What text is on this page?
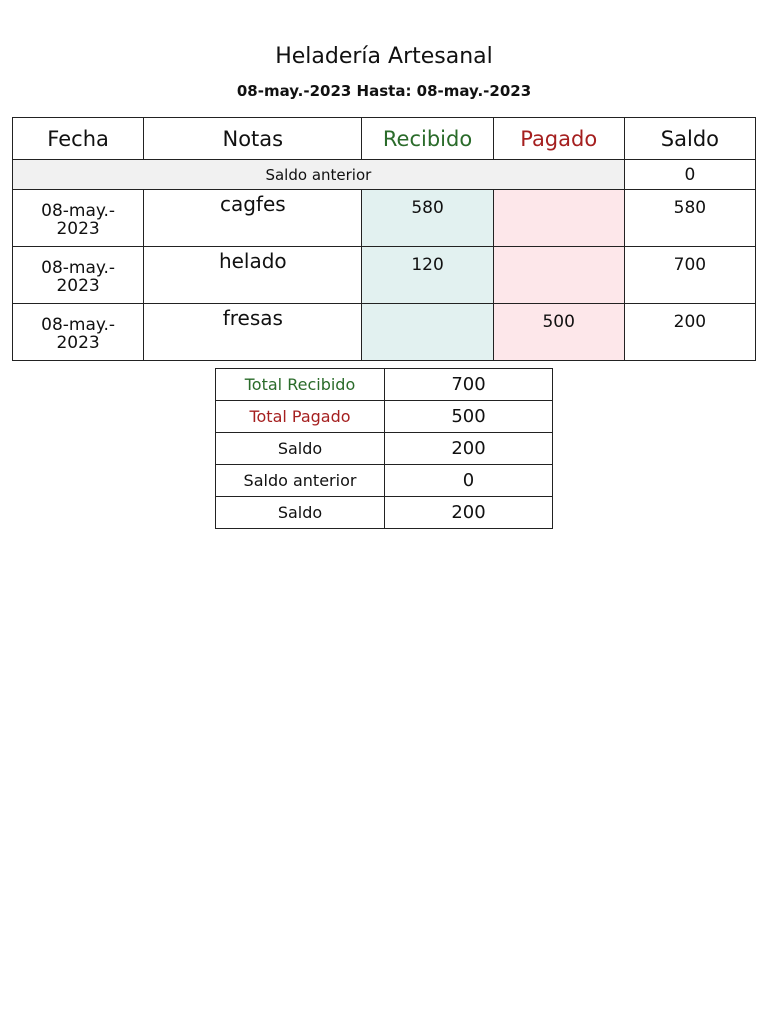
Heladería Artesanal

08-may.-2023 Hasta: 08-may.-2023

Fecha	Notas	Recibido	Pagado	Saldo
Saldo anterior				0
08-may.-
2023	cagfes	580		580
08-may.-
2023	helado	120		700
08-may.-
2023	fresas		500	200
Total Recibido	700
Total Pagado	500
Saldo	200
Saldo anterior	0
Saldo	200
